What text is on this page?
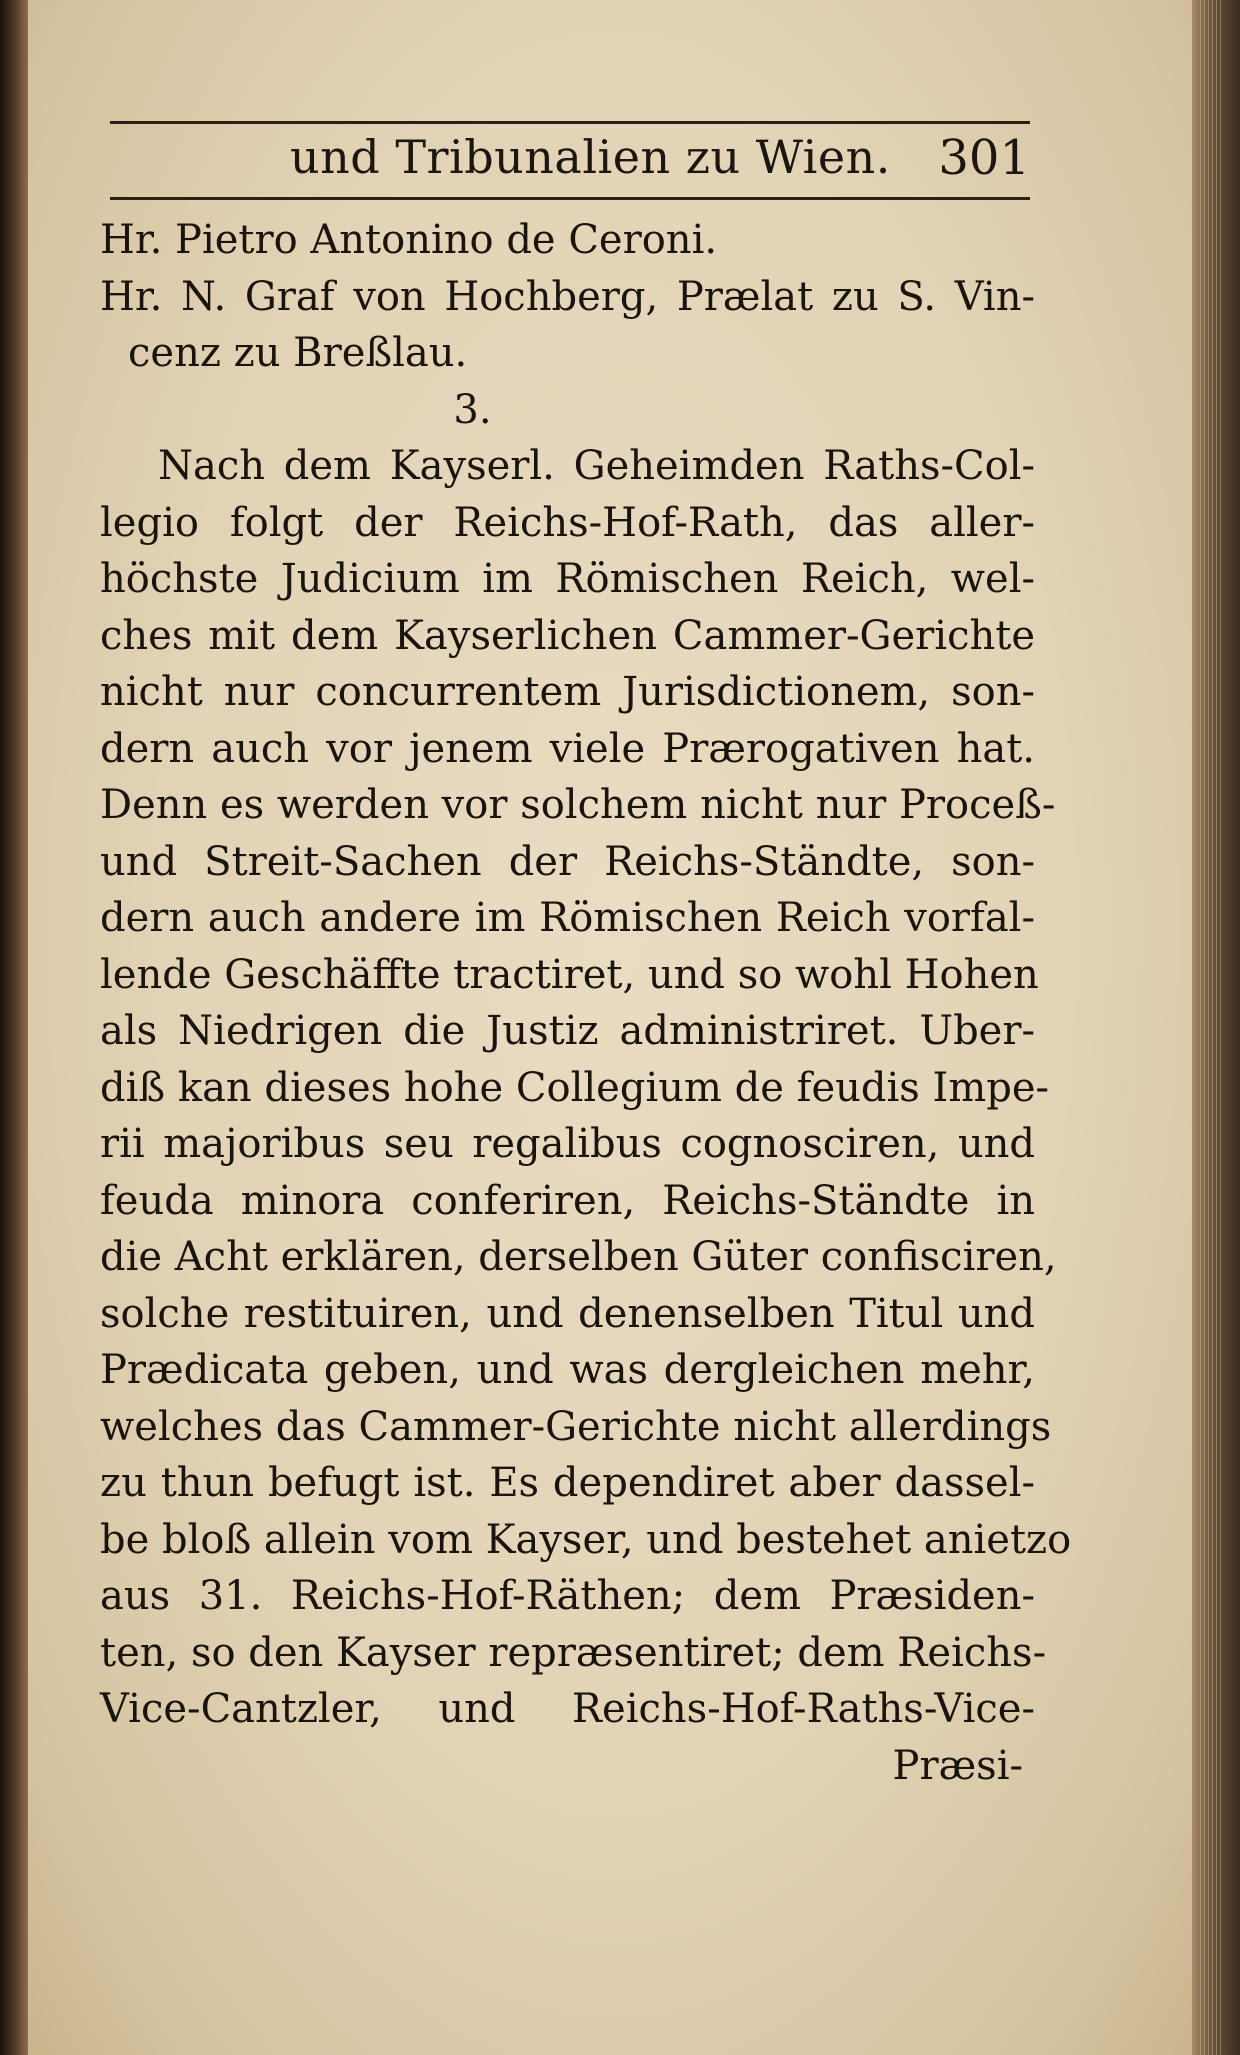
und Tribunalien zu Wien. 301
Hr. Pietro Antonino de Ceroni.
Hr. N. Graf von Hochberg, Prælat zu S. Vin-
cenz zu Breßlau.
3.
Nach dem Kayserl. Geheimden Raths-Col-
legio folgt der Reichs-Hof-Rath, das aller-
höchste Judicium im Römischen Reich, wel-
ches mit dem Kayserlichen Cammer-Gerichte
nicht nur concurrentem Jurisdictionem, son-
dern auch vor jenem viele Prærogativen hat.
Denn es werden vor solchem nicht nur Proceß-
und Streit-Sachen der Reichs-Ständte, son-
dern auch andere im Römischen Reich vorfal-
lende Geschäffte tractiret, und so wohl Hohen
als Niedrigen die Justiz administriret. Uber-
diß kan dieses hohe Collegium de feudis Impe-
rii majoribus seu regalibus cognosciren, und
feuda minora conferiren, Reichs-Ständte in
die Acht erklären, derselben Güter confisciren,
solche restituiren, und denenselben Titul und
Prædicata geben, und was dergleichen mehr,
welches das Cammer-Gerichte nicht allerdings
zu thun befugt ist. Es dependiret aber dassel-
be bloß allein vom Kayser, und bestehet anietzo
aus 31. Reichs-Hof-Räthen; dem Præsiden-
ten, so den Kayser repræsentiret; dem Reichs-
Vice-Cantzler, und Reichs-Hof-Raths-Vice-
Præsi-
